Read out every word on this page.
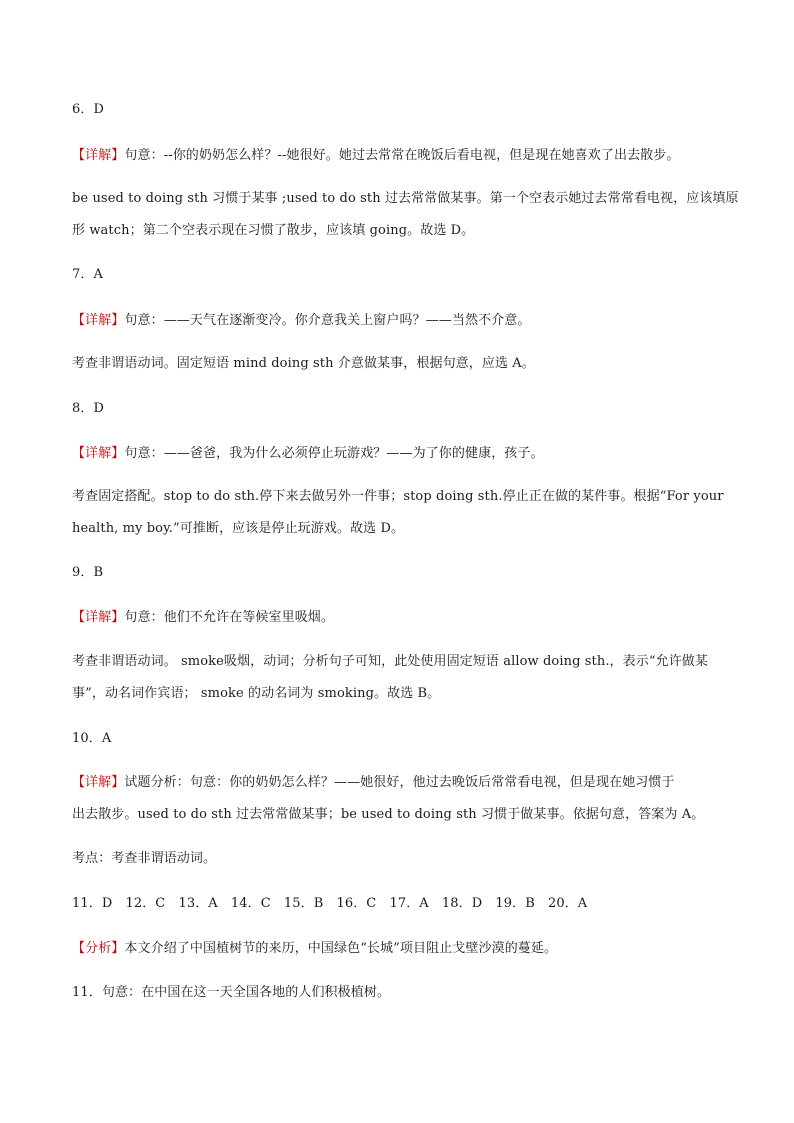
6．D
【详解】句意：--你的奶奶怎么样？--她很好。她过去常常在晚饭后看电视，但是现在她喜欢了出去散步。
be used to doing sth 习惯于某事 ;used to do sth 过去常常做某事。第一个空表示她过去常常看电视，应该填原
形 watch；第二个空表示现在习惯了散步，应该填 going。故选 D。
7．A
【详解】句意：——天气在逐渐变冷。你介意我关上窗户吗？——当然不介意。
考查非谓语动词。固定短语 mind doing sth 介意做某事，根据句意，应选 A。
8．D
【详解】句意：——爸爸，我为什么必须停止玩游戏？——为了你的健康，孩子。
考查固定搭配。stop to do sth.停下来去做另外一件事；stop doing sth.停止正在做的某件事。根据“For your
health, my boy.”可推断，应该是停止玩游戏。故选 D。
9．B
【详解】句意：他们不允许在等候室里吸烟。
考查非谓语动词。 smoke吸烟，动词；分析句子可知，此处使用固定短语 allow doing sth.，表示“允许做某
事”，动名词作宾语； smoke 的动名词为 smoking。故选 B。
10．A
【详解】试题分析：句意：你的奶奶怎么样？——她很好，他过去晚饭后常常看电视，但是现在她习惯于
出去散步。used to do sth 过去常常做某事；be used to doing sth 习惯于做某事。依据句意，答案为 A。
考点：考查非谓语动词。
11．D　12．C　13．A　14．C　15．B　16．C　17．A　18．D　19．B　20．A
【分析】本文介绍了中国植树节的来历，中国绿色“长城”项目阻止戈壁沙漠的蔓延。
11．句意：在中国在这一天全国各地的人们积极植树。
